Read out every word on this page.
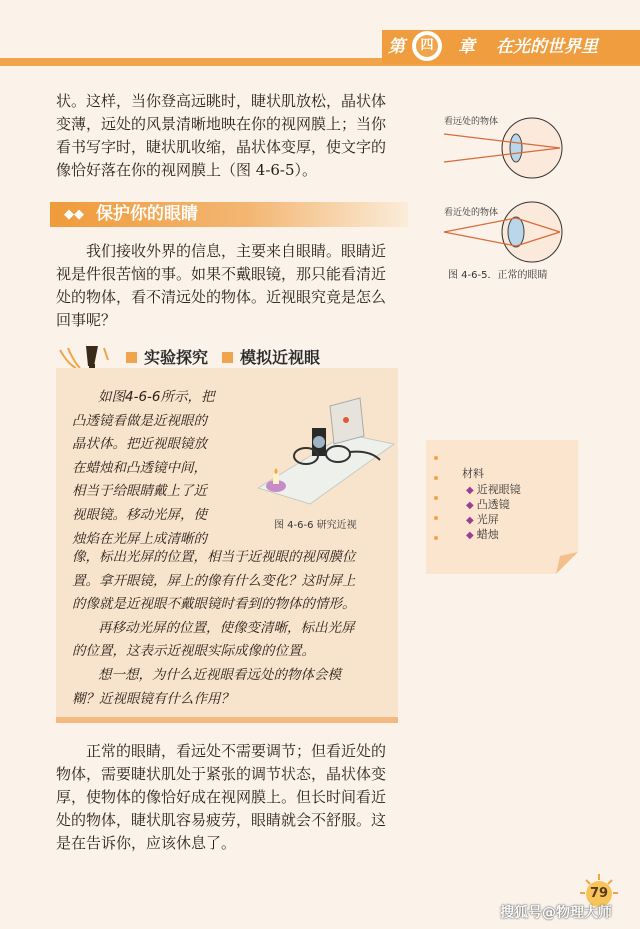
第	四 章 在光的世界里
状。这样，当你登高远眺时，睫状肌放松，晶状体
变薄，远处的风景清晰地映在你的视网膜上；当你
看书写字时，睫状肌收缩，晶状体变厚，使文字的
像恰好落在你的视网膜上（图 4-6-5）。
◆◆ 保护你的眼睛
我们接收外界的信息，主要来自眼睛。眼睛近
视是件很苦恼的事。如果不戴眼镜，那只能看清近
处的物体，看不清远处的物体。近视眼究竟是怎么
回事呢？
实验探究 模拟近视眼
如图4-6-6所示，把
凸透镜看做是近视眼的
晶状体。把近视眼镜放
在蜡烛和凸透镜中间，
相当于给眼睛戴上了近
视眼镜。移动光屏，使
烛焰在光屏上成清晰的
像，标出光屏的位置，相当于近视眼的视网膜位
置。拿开眼镜，屏上的像有什么变化？这时屏上
的像就是近视眼不戴眼镜时看到的物体的情形。
再移动光屏的位置，使像变清晰，标出光屏
的位置，这表示近视眼实际成像的位置。
想一想，为什么近视眼看远处的物体会模
糊？近视眼镜有什么作用？
图 4-6-6 研究近视
看远处的物体
看近处的物体
图 4-6-5．正常的眼睛
材料
◆ 近视眼镜
◆ 凸透镜
◆ 光屏
◆ 蜡烛
正常的眼睛，看远处不需要调节；但看近处的
物体，需要睫状肌处于紧张的调节状态，晶状体变
厚，使物体的像恰好成在视网膜上。但长时间看近
处的物体，睫状肌容易疲劳，眼睛就会不舒服。这
是在告诉你，应该休息了。
79
搜狐号@物理大师
